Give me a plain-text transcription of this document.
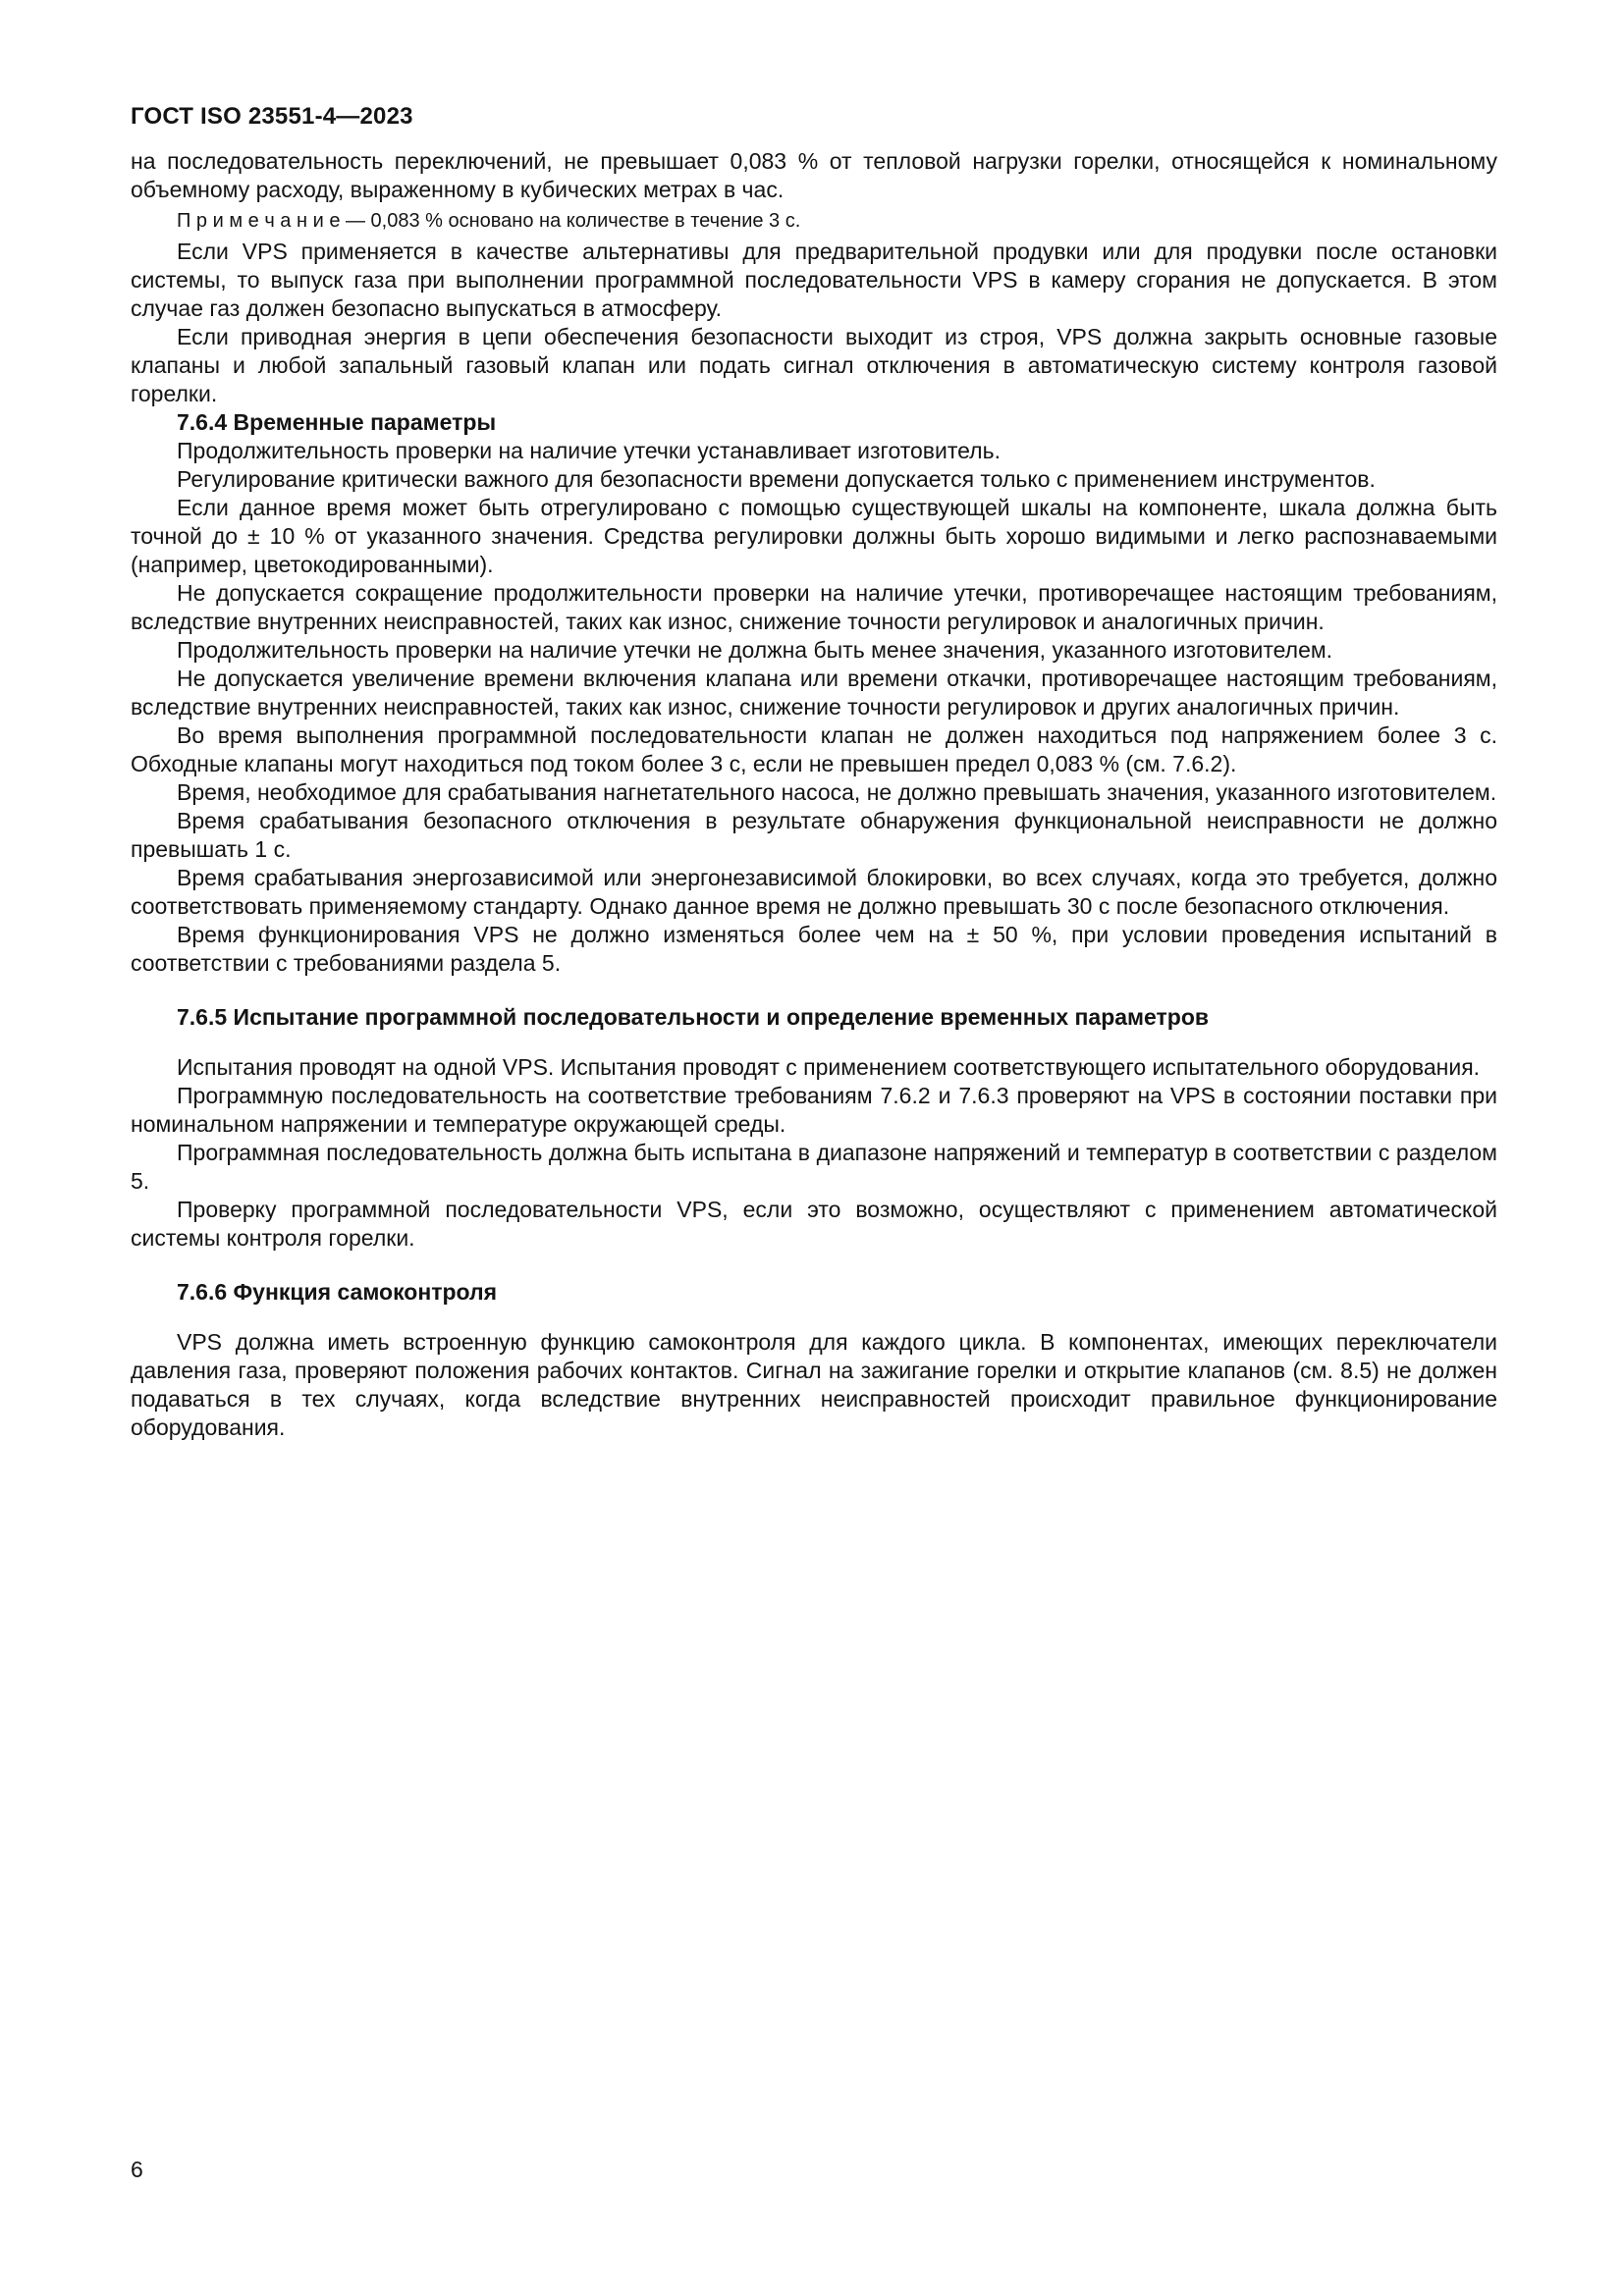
ГОСТ ISO 23551-4—2023

на последовательность переключений, не превышает 0,083 % от тепловой нагрузки горелки, относящейся к номинальному объемному расходу, выраженному в кубических метрах в час.

П р и м е ч а н и е — 0,083 % основано на количестве в течение 3 с.

Если VPS применяется в качестве альтернативы для предварительной продувки или для продувки после остановки системы, то выпуск газа при выполнении программной последовательности VPS в камеру сгорания не допускается. В этом случае газ должен безопасно выпускаться в атмосферу.

Если приводная энергия в цепи обеспечения безопасности выходит из строя, VPS должна закрыть основные газовые клапаны и любой запальный газовый клапан или подать сигнал отключения в автоматическую систему контроля газовой горелки.

7.6.4 Временные параметры

Продолжительность проверки на наличие утечки устанавливает изготовитель.

Регулирование критически важного для безопасности времени допускается только с применением инструментов.

Если данное время может быть отрегулировано с помощью существующей шкалы на компоненте, шкала должна быть точной до ± 10 % от указанного значения. Средства регулировки должны быть хорошо видимыми и легко распознаваемыми (например, цветокодированными).

Не допускается сокращение продолжительности проверки на наличие утечки, противоречащее настоящим требованиям, вследствие внутренних неисправностей, таких как износ, снижение точности регулировок и аналогичных причин.

Продолжительность проверки на наличие утечки не должна быть менее значения, указанного изготовителем.

Не допускается увеличение времени включения клапана или времени откачки, противоречащее настоящим требованиям, вследствие внутренних неисправностей, таких как износ, снижение точности регулировок и других аналогичных причин.

Во время выполнения программной последовательности клапан не должен находиться под напряжением более 3 с. Обходные клапаны могут находиться под током более 3 с, если не превышен предел 0,083 % (см. 7.6.2).

Время, необходимое для срабатывания нагнетательного насоса, не должно превышать значения, указанного изготовителем.

Время срабатывания безопасного отключения в результате обнаружения функциональной неисправности не должно превышать 1 с.

Время срабатывания энергозависимой или энергонезависимой блокировки, во всех случаях, когда это требуется, должно соответствовать применяемому стандарту. Однако данное время не должно превышать 30 с после безопасного отключения.

Время функционирования VPS не должно изменяться более чем на ± 50 %, при условии проведения испытаний в соответствии с требованиями раздела 5.

7.6.5 Испытание программной последовательности и определение временных параметров

Испытания проводят на одной VPS. Испытания проводят с применением соответствующего испытательного оборудования.

Программную последовательность на соответствие требованиям 7.6.2 и 7.6.3 проверяют на VPS в состоянии поставки при номинальном напряжении и температуре окружающей среды.

Программная последовательность должна быть испытана в диапазоне напряжений и температур в соответствии с разделом 5.

Проверку программной последовательности VPS, если это возможно, осуществляют с применением автоматической системы контроля горелки.

7.6.6 Функция самоконтроля

VPS должна иметь встроенную функцию самоконтроля для каждого цикла. В компонентах, имеющих переключатели давления газа, проверяют положения рабочих контактов. Сигнал на зажигание горелки и открытие клапанов (см. 8.5) не должен подаваться в тех случаях, когда вследствие внутренних неисправностей происходит правильное функционирование оборудования.

6
